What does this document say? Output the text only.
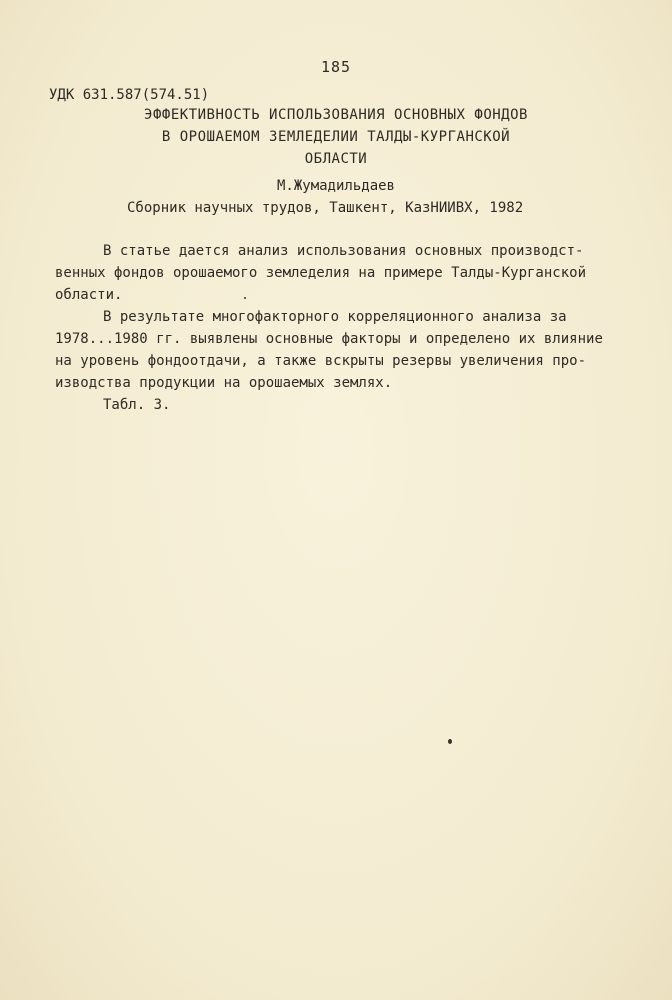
185
УДК 631.587(574.51)
ЭФФЕКТИВНОСТЬ ИСПОЛЬЗОВАНИЯ ОСНОВНЫХ ФОНДОВ
В ОРОШАЕМОМ ЗЕМЛЕДЕЛИИ ТАЛДЫ-КУРГАНСКОЙ
ОБЛАСТИ
М.Жумадильдаев
Сборник научных трудов, Ташкент, КазНИИВХ, 1982
В статье дается анализ использования основных производст-
венных фондов орошаемого земледелия на примере Талды-Курганской
области.
В результате многофакторного корреляционного анализа за
1978...1980 гг. выявлены основные факторы и определено их влияние
на уровень фондоотдачи, а также вскрыты резервы увеличения про-
изводства продукции на орошаемых землях.
Табл. 3.
